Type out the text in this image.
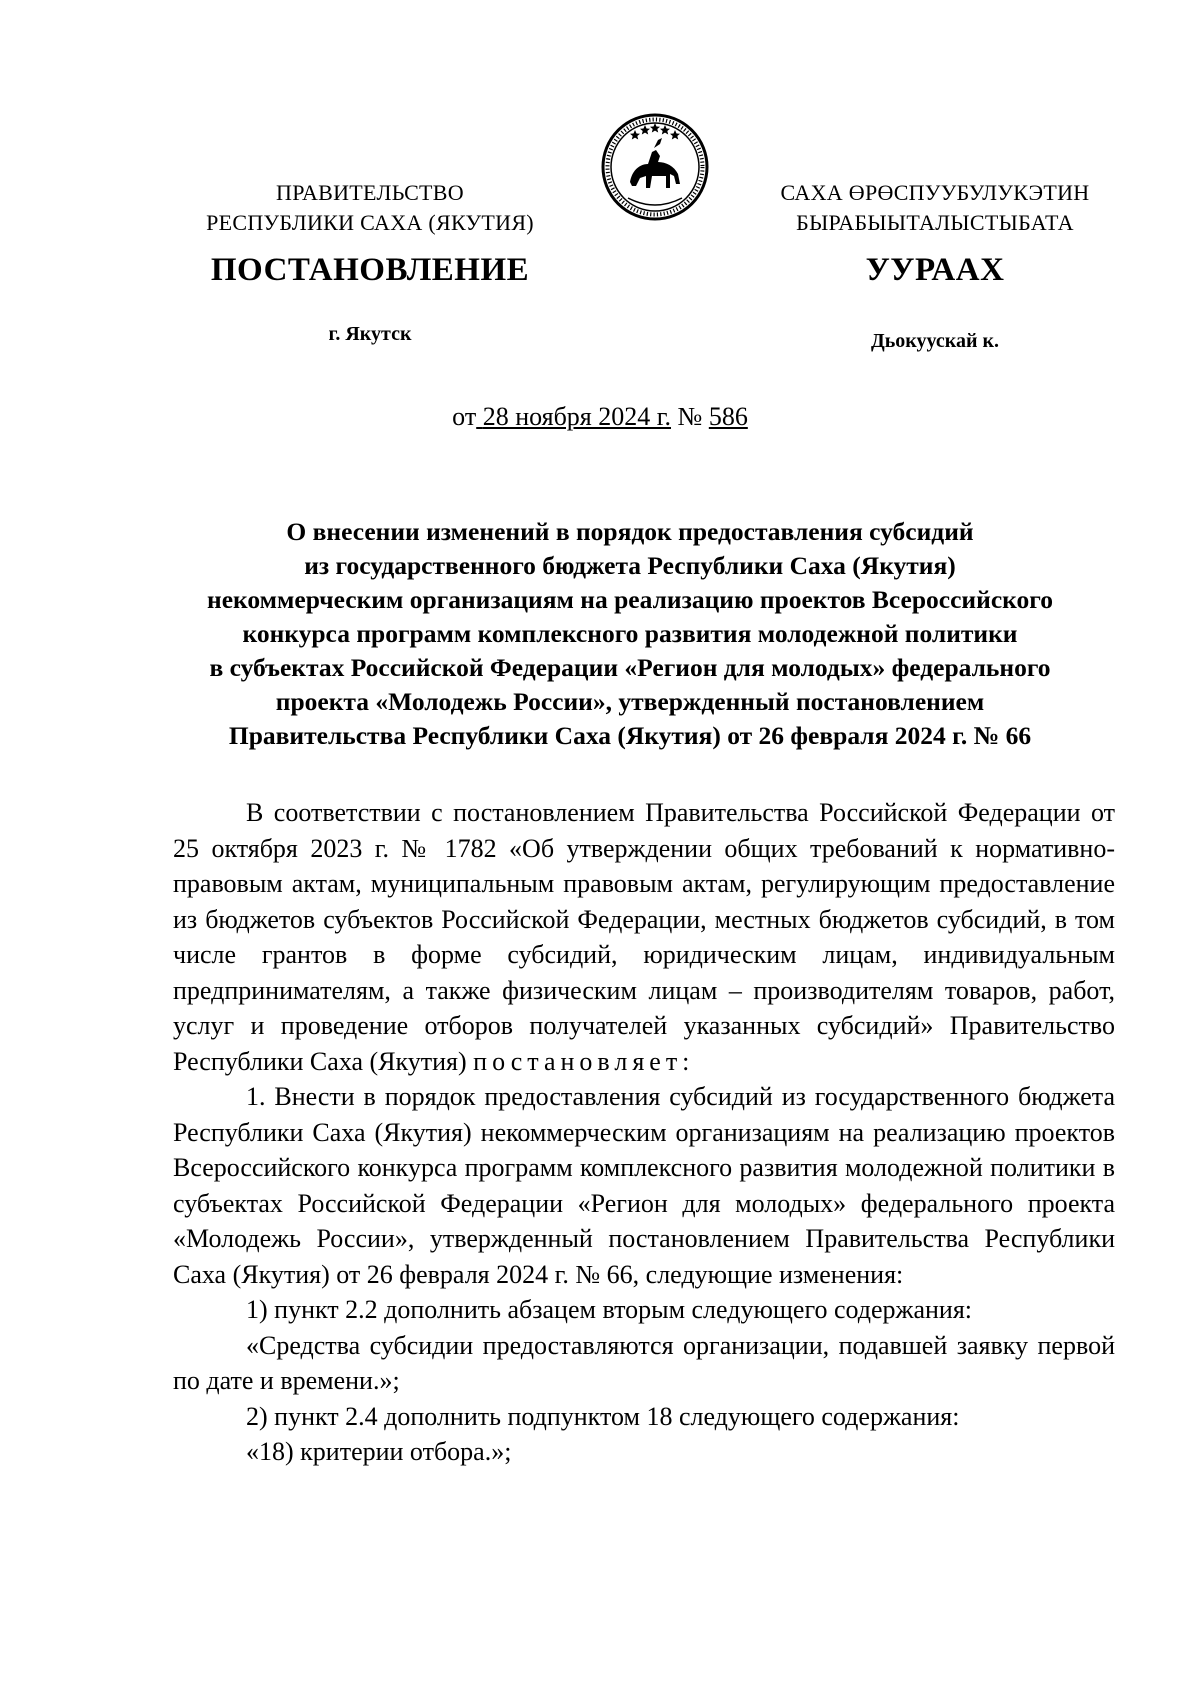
ПРАВИТЕЛЬСТВО
РЕСПУБЛИКИ САХА (ЯКУТИЯ)
САХА ӨРӨСПУУБУЛУКЭТИН
БЫРАБЫЫТАЛЫСТЫБАТА
ПОСТАНОВЛЕНИЕ	УУРААХ
г. Якутск	Дьокуускай к.
от 28 ноября 2024 г. № 586
О внесении изменений в порядок предоставления субсидий
из государственного бюджета Республики Саха (Якутия)
некоммерческим организациям на реализацию проектов Всероссийского
конкурса программ комплексного развития молодежной политики
в субъектах Российской Федерации «Регион для молодых» федерального
проекта «Молодежь России», утвержденный постановлением
Правительства Республики Саха (Якутия) от 26 февраля 2024 г. № 66

В соответствии с постановлением Правительства Российской Федерации от 25 октября 2023 г. № 1782 «Об утверждении общих требований к нормативно-правовым актам, муниципальным правовым актам, регулирующим предоставление из бюджетов субъектов Российской Федерации, местных бюджетов субсидий, в том числе грантов в форме субсидий, юридическим лицам, индивидуальным предпринимателям, а также физическим лицам – производителям товаров, работ, услуг и проведение отборов получателей указанных субсидий» Правительство Республики Саха (Якутия) постановляет:

1. Внести в порядок предоставления субсидий из государственного бюджета Республики Саха (Якутия) некоммерческим организациям на реализацию проектов Всероссийского конкурса программ комплексного развития молодежной политики в субъектах Российской Федерации «Регион для молодых» федерального проекта «Молодежь России», утвержденный постановлением Правительства Республики Саха (Якутия) от 26 февраля 2024 г. № 66, следующие изменения:

1) пункт 2.2 дополнить абзацем вторым следующего содержания:

«Средства субсидии предоставляются организации, подавшей заявку первой по дате и времени.»;

2) пункт 2.4 дополнить подпунктом 18 следующего содержания:

«18) критерии отбора.»;
